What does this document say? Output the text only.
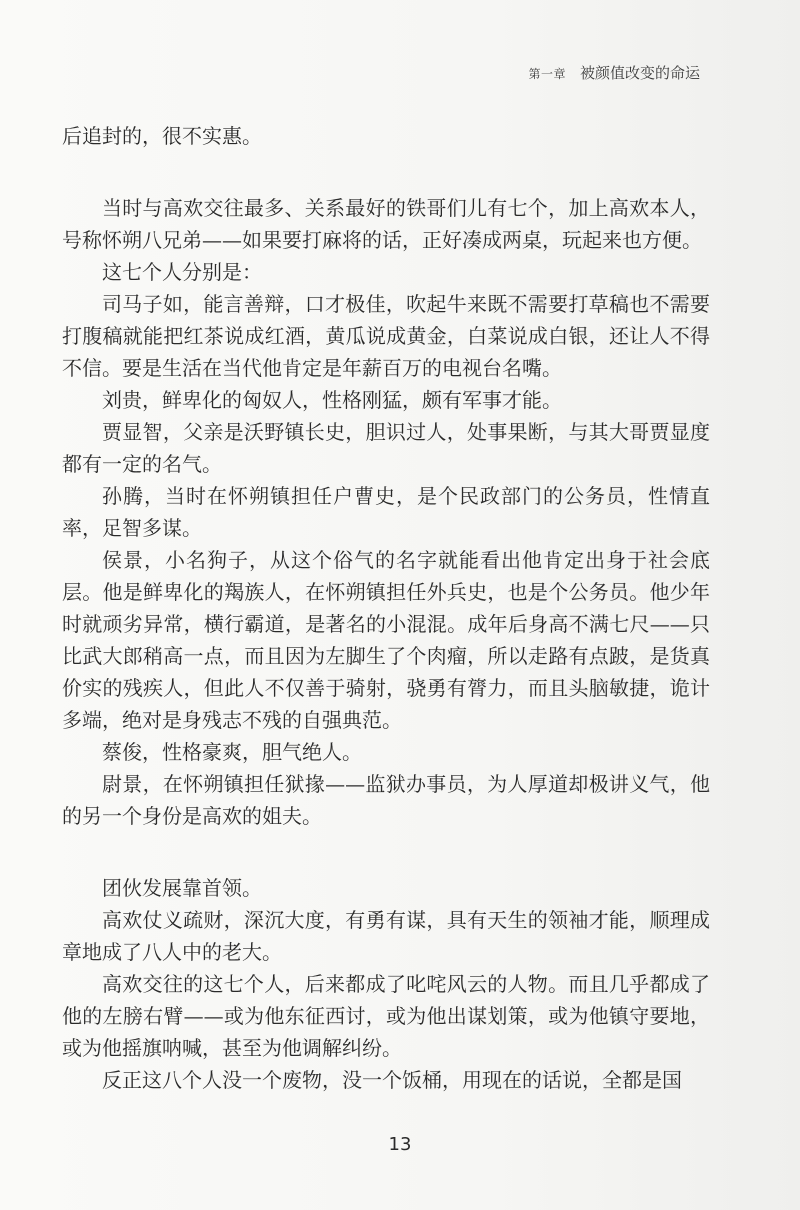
第一章 被颜值改变的命运

后追封的，很不实惠。

当时与高欢交往最多、关系最好的铁哥们儿有七个，加上高欢本人，号称怀朔八兄弟——如果要打麻将的话，正好凑成两桌，玩起来也方便。

这七个人分别是：

司马子如，能言善辩，口才极佳，吹起牛来既不需要打草稿也不需要打腹稿就能把红茶说成红酒，黄瓜说成黄金，白菜说成白银，还让人不得不信。要是生活在当代他肯定是年薪百万的电视台名嘴。

刘贵，鲜卑化的匈奴人，性格刚猛，颇有军事才能。

贾显智，父亲是沃野镇长史，胆识过人，处事果断，与其大哥贾显度都有一定的名气。

孙腾，当时在怀朔镇担任户曹史，是个民政部门的公务员，性情直率，足智多谋。

侯景，小名狗子，从这个俗气的名字就能看出他肯定出身于社会底层。他是鲜卑化的羯族人，在怀朔镇担任外兵史，也是个公务员。他少年时就顽劣异常，横行霸道，是著名的小混混。成年后身高不满七尺——只比武大郎稍高一点，而且因为左脚生了个肉瘤，所以走路有点跛，是货真价实的残疾人，但此人不仅善于骑射，骁勇有膂力，而且头脑敏捷，诡计多端，绝对是身残志不残的自强典范。

蔡俊，性格豪爽，胆气绝人。

尉景，在怀朔镇担任狱掾——监狱办事员，为人厚道却极讲义气，他的另一个身份是高欢的姐夫。

团伙发展靠首领。

高欢仗义疏财，深沉大度，有勇有谋，具有天生的领袖才能，顺理成章地成了八人中的老大。

高欢交往的这七个人，后来都成了叱咤风云的人物。而且几乎都成了他的左膀右臂——或为他东征西讨，或为他出谋划策，或为他镇守要地，或为他摇旗呐喊，甚至为他调解纠纷。

反正这八个人没一个废物，没一个饭桶，用现在的话说，全都是国

13
